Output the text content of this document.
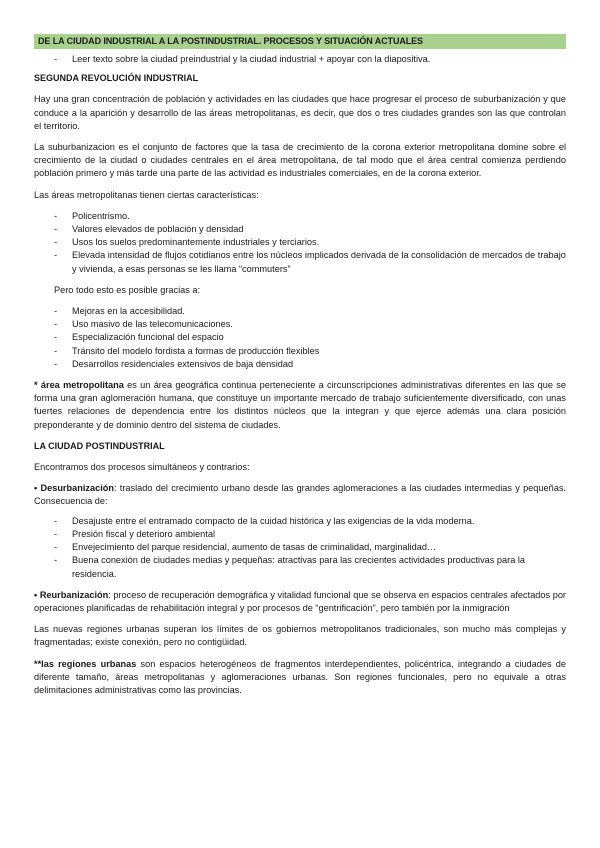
DE LA CIUDAD INDUSTRIAL A LA POSTINDUSTRIAL. PROCESOS Y SITUACIÓN ACTUALES
- Leer texto sobre la ciudad preindustrial y la ciudad industrial + apoyar con la diapositiva.
SEGUNDA REVOLUCIÓN INDUSTRIAL

Hay una gran concentración de población y actividades en las ciudades que hace progresar el proceso de suburbanización y que conduce a la aparición y desarrollo de las áreas metropolitanas, es decir, que dos o tres ciudades grandes son las que controlan el territorio.

La suburbanizacion es el conjunto de factores que la tasa de crecimiento de la corona exterior metropolitana domine sobre el crecimiento de la ciudad o ciudades centrales en el área metropolitana, de tal modo que el área central comienza perdiendo población primero y más tarde una parte de las actividad es industriales comerciales, en de la corona exterior.

Las áreas metropolitanas tienen ciertas características:

- Policentrismo.
- Valores elevados de población y densidad
- Usos los suelos predominantemente industriales y terciarios.
- Elevada intensidad de flujos cotidianos entre los núcleos implicados derivada de la consolidación de mercados de trabajo y vivienda, a esas personas se les llama “commuters”

Pero todo esto es posible gracias a:

- Mejoras en la accesibilidad.
- Uso masivo de las telecomunicaciones.
- Especialización funcional del espacio
- Tránsito del modelo fordista a formas de producción flexibles
- Desarrollos residenciales extensivos de baja densidad

* área metropolitana es un área geográfica continua perteneciente a circunscripciones administrativas diferentes en las que se forma una gran aglomeración humana, que constituye un importante mercado de trabajo suficientemente diversificado, con unas fuertes relaciones de dependencia entre los distintos núcleos que la integran y que ejerce además una clara posición preponderante y de dominio dentro del sistema de ciudades.

LA CIUDAD POSTINDUSTRIAL

Encontramos dos procesos simultáneos y contrarios:

• Desurbanización: traslado del crecimiento urbano desde las grandes aglomeraciones a las ciudades intermedias y pequeñas. Consecuencia de:

- Desajuste entre el entramado compacto de la cuidad histórica y las exigencias de la vida moderna.
- Presión fiscal y deterioro ambiental
- Envejecimiento del parque residencial, aumento de tasas de criminalidad, marginalidad…
- Buena conexión de ciudades medias y pequeñas: atractivas para las crecientes actividades productivas para la residencia.

• Reurbanización: proceso de recuperación demográfica y vitalidad funcional que se observa en espacios centrales afectados por operaciones planificadas de rehabilitación integral y por procesos de “gentrificación”, pero también por la inmigración

Las nuevas regiones urbanas superan los límites de os gobiernos metropolitanos tradicionales, son mucho más complejas y fragmentadas; existe conexión, pero no contigüidad.

**las regiones urbanas son espacios heterogéneos de fragmentos interdependientes, policéntrica, integrando a ciudades de diferente tamaño, áreas metropolitanas y aglomeraciones urbanas. Son regiones funcionales, pero no equivale a otras delimitaciones administrativas como las provincias.
